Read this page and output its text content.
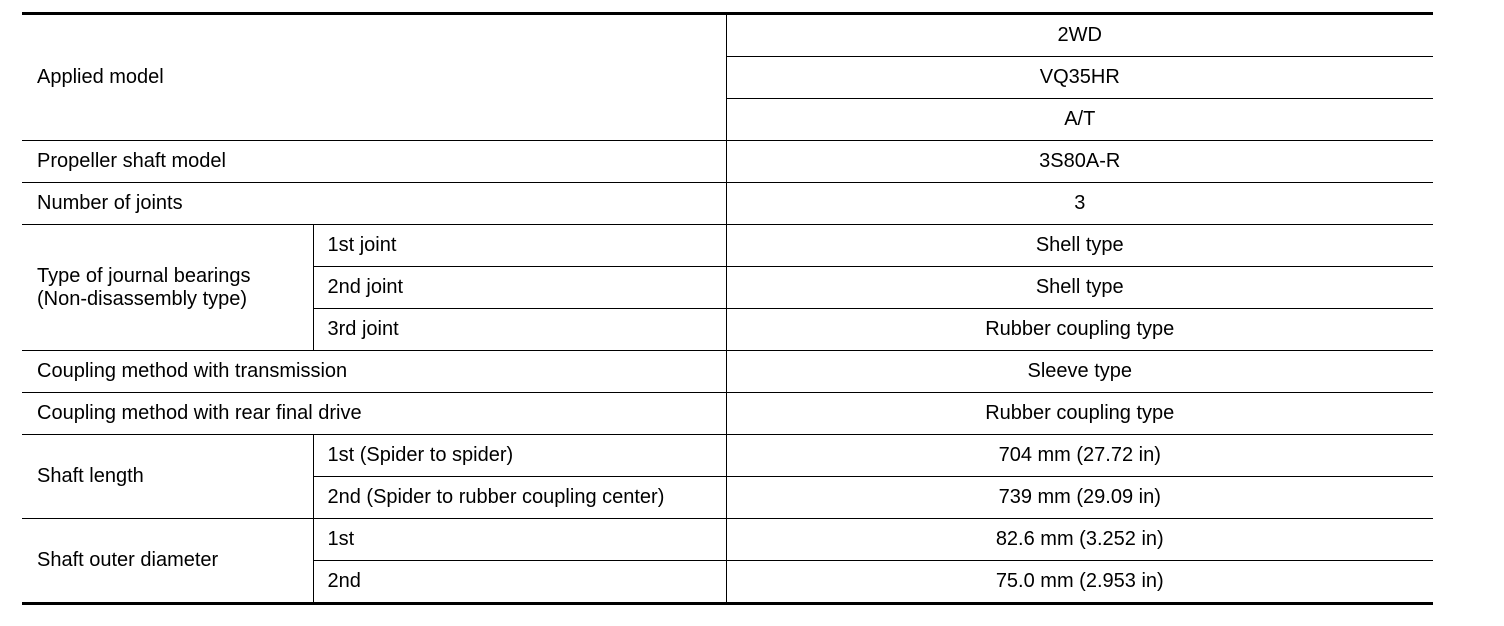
Applied model		2WD
		VQ35HR
		A/T
Propeller shaft model		3S80A-R
Number of joints		3

Type of journal bearings
(Non-disassembly type)	1st joint	Shell type
	2nd joint	Shell type
	3rd joint	Rubber coupling type
Coupling method with transmission		Sleeve type
Coupling method with rear final drive		Rubber coupling type
Shaft length	1st (Spider to spider)	704 mm (27.72 in)
	2nd (Spider to rubber coupling center)	739 mm (29.09 in)
Shaft outer diameter	1st	82.6 mm (3.252 in)
	2nd	75.0 mm (2.953 in)
